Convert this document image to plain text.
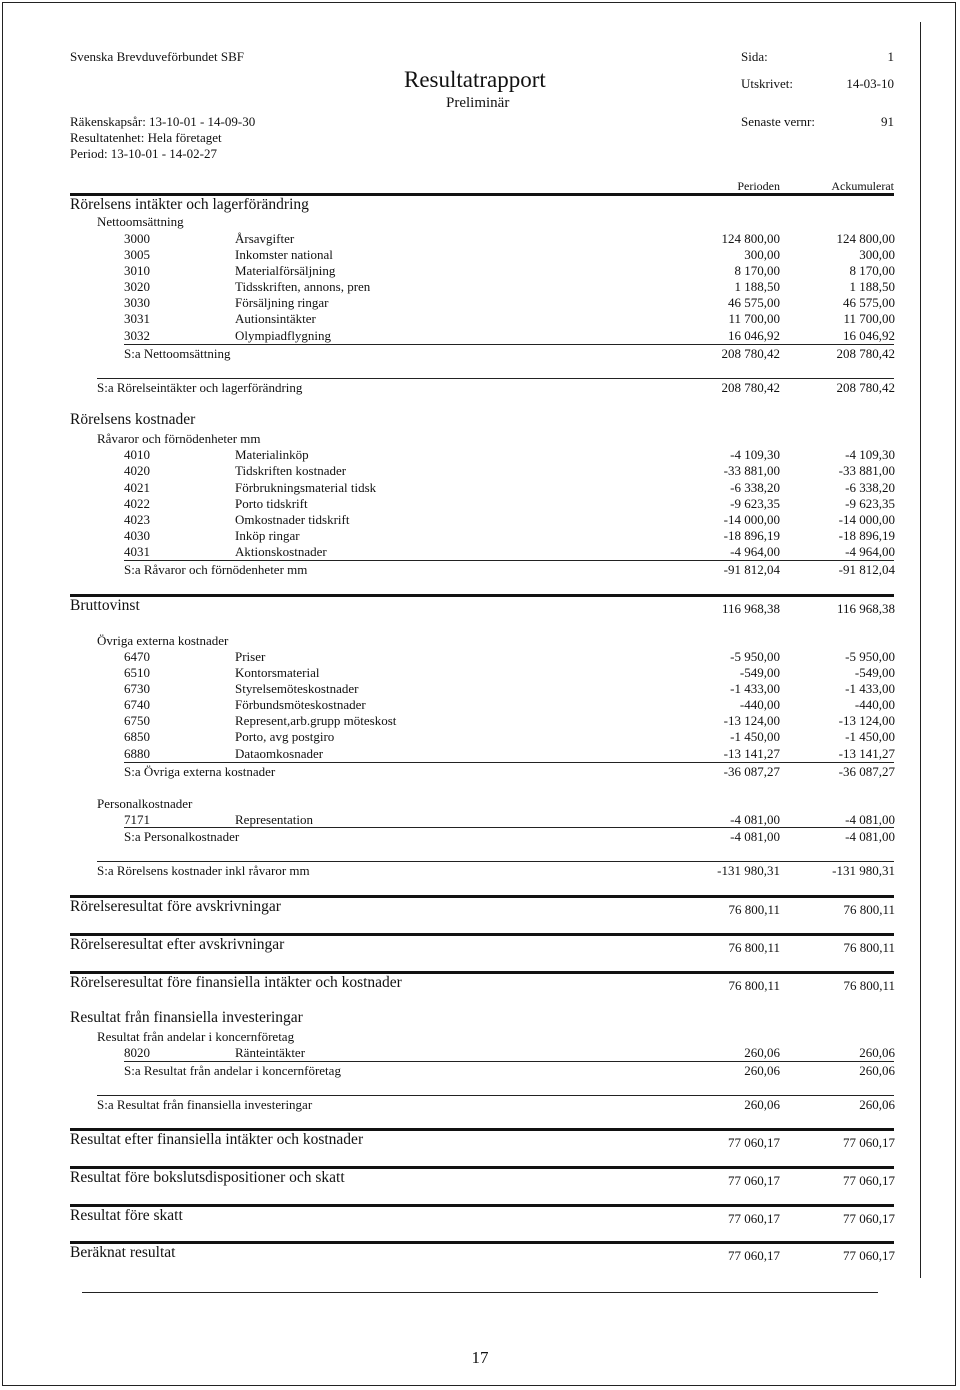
Svenska Brevduveförbundet SBF
Resultatrapport
Preliminär
Räkenskapsår: 13-10-01 - 14-09-30
Resultatenhet: Hela företaget
Period: 13-10-01 - 14-02-27
Sida:	1
Utskrivet:	14-03-10
Senaste vernr:	91
Perioden	Ackumulerat
Rörelsens intäkter och lagerförändring
Nettoomsättning
3000	Årsavgifter	124 800,00	124 800,00
3005	Inkomster national	300,00	300,00
3010	Materialförsäljning	8 170,00	8 170,00
3020	Tidsskriften, annons, pren	1 188,50	1 188,50
3030	Försäljning ringar	46 575,00	46 575,00
3031	Autionsintäkter	11 700,00	11 700,00
3032	Olympiadflygning	16 046,92	16 046,92
S:a Nettoomsättning	208 780,42	208 780,42
S:a Rörelseintäkter och lagerförändring	208 780,42	208 780,42
Rörelsens kostnader
Råvaror och förnödenheter mm
4010	Materialinköp	-4 109,30	-4 109,30
4020	Tidskriften kostnader	-33 881,00	-33 881,00
4021	Förbrukningsmaterial tidsk	-6 338,20	-6 338,20
4022	Porto tidskrift	-9 623,35	-9 623,35
4023	Omkostnader tidskrift	-14 000,00	-14 000,00
4030	Inköp ringar	-18 896,19	-18 896,19
4031	Aktionskostnader	-4 964,00	-4 964,00
S:a Råvaror och förnödenheter mm	-91 812,04	-91 812,04
Bruttovinst	116 968,38	116 968,38
Övriga externa kostnader
6470	Priser	-5 950,00	-5 950,00
6510	Kontorsmaterial	-549,00	-549,00
6730	Styrelsemöteskostnader	-1 433,00	-1 433,00
6740	Förbundsmöteskostnader	-440,00	-440,00
6750	Represent,arb.grupp möteskost	-13 124,00	-13 124,00
6850	Porto, avg postgiro	-1 450,00	-1 450,00
6880	Dataomkosnader	-13 141,27	-13 141,27
S:a Övriga externa kostnader	-36 087,27	-36 087,27
Personalkostnader
7171	Representation	-4 081,00	-4 081,00
S:a Personalkostnader	-4 081,00	-4 081,00
S:a Rörelsens kostnader inkl råvaror mm	-131 980,31	-131 980,31
Rörelseresultat före avskrivningar	76 800,11	76 800,11
Rörelseresultat efter avskrivningar	76 800,11	76 800,11
Rörelseresultat före finansiella intäkter och kostnader	76 800,11	76 800,11
Resultat från finansiella investeringar
Resultat från andelar i koncernföretag
8020	Ränteintäkter	260,06	260,06
S:a Resultat från andelar i koncernföretag	260,06	260,06
S:a Resultat från finansiella investeringar	260,06	260,06
Resultat efter finansiella intäkter och kostnader	77 060,17	77 060,17
Resultat före bokslutsdispositioner och skatt	77 060,17	77 060,17
Resultat före skatt	77 060,17	77 060,17
Beräknat resultat	77 060,17	77 060,17
17
